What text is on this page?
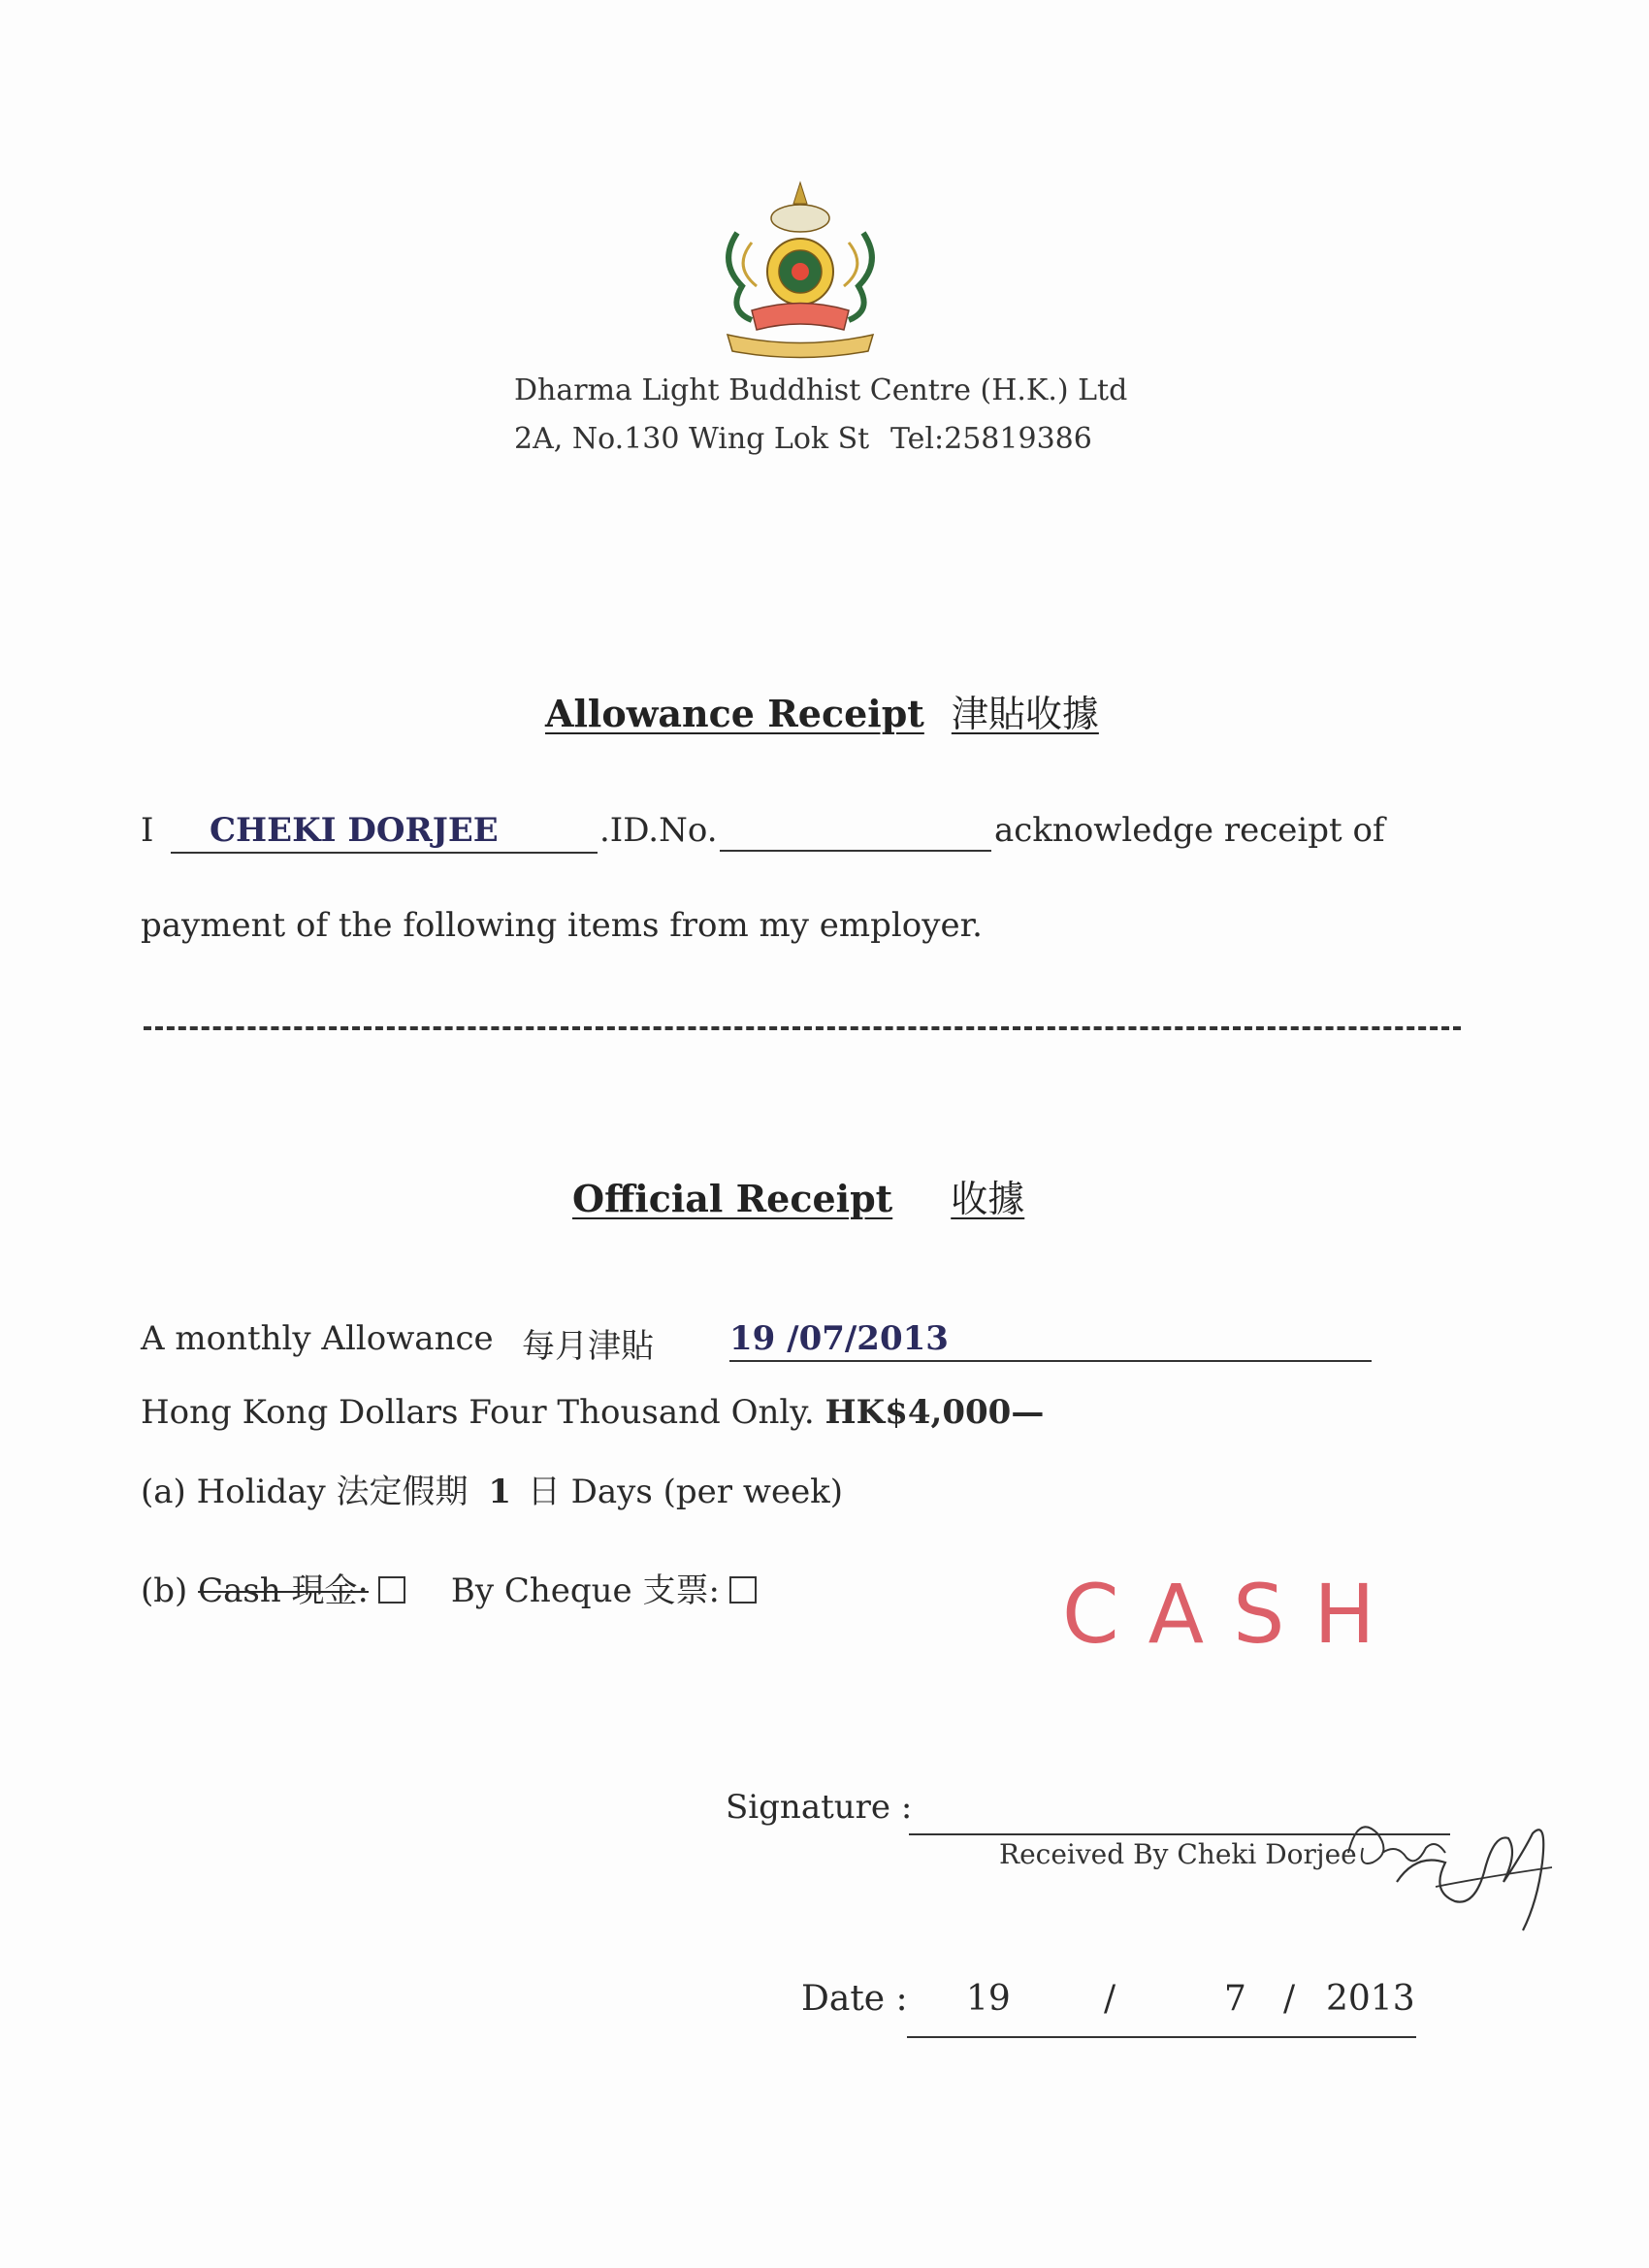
Dharma Light Buddhist Centre (H.K.) Ltd
2A, No.130 Wing Lok St Tel:25819386
Allowance Receipt 津貼收據
I	CHEKI DORJEE	.ID.No.	acknowledge receipt of
payment of the following items from my employer.
Official Receipt 收據
A monthly Allowance 每月津貼 19 /07/2013
Hong Kong Dollars Four Thousand Only. HK$4,000—
(a) Holiday 法定假期 1 日 Days (per week)
(b) Cash 現金: By Cheque 支票:	CASH
Signature :
Received By Cheki Dorjee
Date : 19	/	7 / 2013
